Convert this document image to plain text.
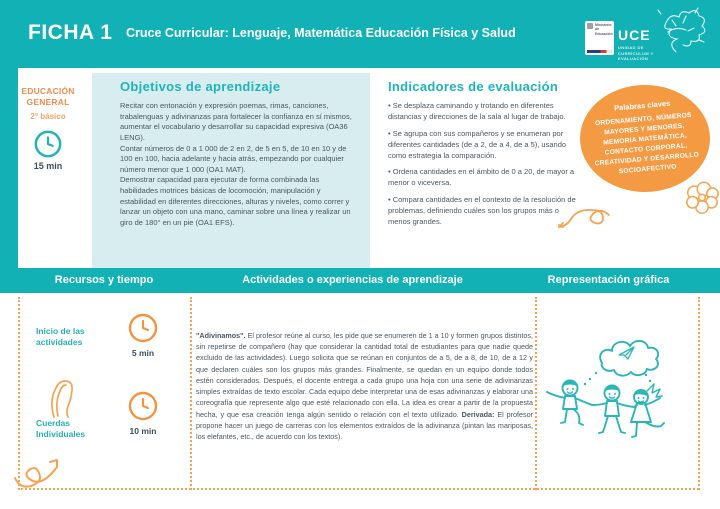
FICHA 1 Cruce Curricular: Lenguaje, Matemática Educación Física y Salud
Ministerio
de Educación UCE
UNIDAD DE
CURRÍCULUM Y
EVALUACIÓN
EDUCACIÓN GENERAL
2° básico
15 min
Objetivos de aprendizaje
Recitar con entonación y expresión poemas, rimas, canciones, trabalenguas y adivinanzas para fortalecer la confianza en sí mismos, aumentar el vocabulario y desarrollar su capacidad expresiva (OA36 LENG).
Contar números de 0 a 1 000 de 2 en 2, de 5 en 5, de 10 en 10 y de 100 en 100, hacia adelante y hacia atrás, empezando por cualquier número menor que 1 000 (OA1 MAT).
Demostrar capacidad para ejecutar de forma combinada las habilidades motrices básicas de locomoción, manipulación y estabilidad en diferentes direcciones, alturas y niveles, como correr y lanzar un objeto con una mano, caminar sobre una línea y realizar un giro de 180° en un pie (OA1 EFS).
Indicadores de evaluación
• Se desplaza caminando y trotando en diferentes distancias y direcciones de la sala al lugar de trabajo.
• Se agrupa con sus compañeros y se enumeran por diferentes cantidades (de a 2, de a 4, de a 5), usando como estrategia la comparación.
• Ordena cantidades en el ámbito de 0 a 20, de mayor a menor o viceversa.
• Compara cantidades en el contexto de la resolución de problemas, definiendo cuáles son los grupos más o menos grandes.
Palabras claves
ORDENAMIENTO, NÚMEROS MAYORES Y MENORES, MEMORIA MATEMÁTICA, CONTACTO CORPORAL, CREATIVIDAD Y DESARROLLO SOCIOAFECTIVO
Recursos y tiempo	Actividades o experiencias de aprendizaje	Representación gráfica
Inicio de las actividades
5 min
Cuerdas Individuales	10 min
"Adivinamos". El profesor reúne al curso, les pide que se enumeren de 1 a 10 y formen grupos distintos, sin repetirse de compañero (hay que considerar la cantidad total de estudiantes para que nadie quede excluido de las actividades). Luego solicita que se reúnan en conjuntos de a 5, de a 8, de 10, de a 12 y que declaren cuáles son los grupos más grandes. Finalmente, se quedan en un equipo donde todos estén considerados. Después, el docente entrega a cada grupo una hoja con una serie de adivinanzas simples extraídas de texto escolar. Cada equipo debe interpretar una de esas adivinanzas y elaborar una coreografía que represente algo que esté relacionado con ella. La idea es crear a partir de la propuesta hecha, y que esa creación tenga algún sentido o relación con el texto utilizado. Derivada: El profesor propone hacer un juego de carreras con los elementos extraídos de la adivinanza (pintan las mariposas, los elefantes, etc., de acuerdo con los textos).
